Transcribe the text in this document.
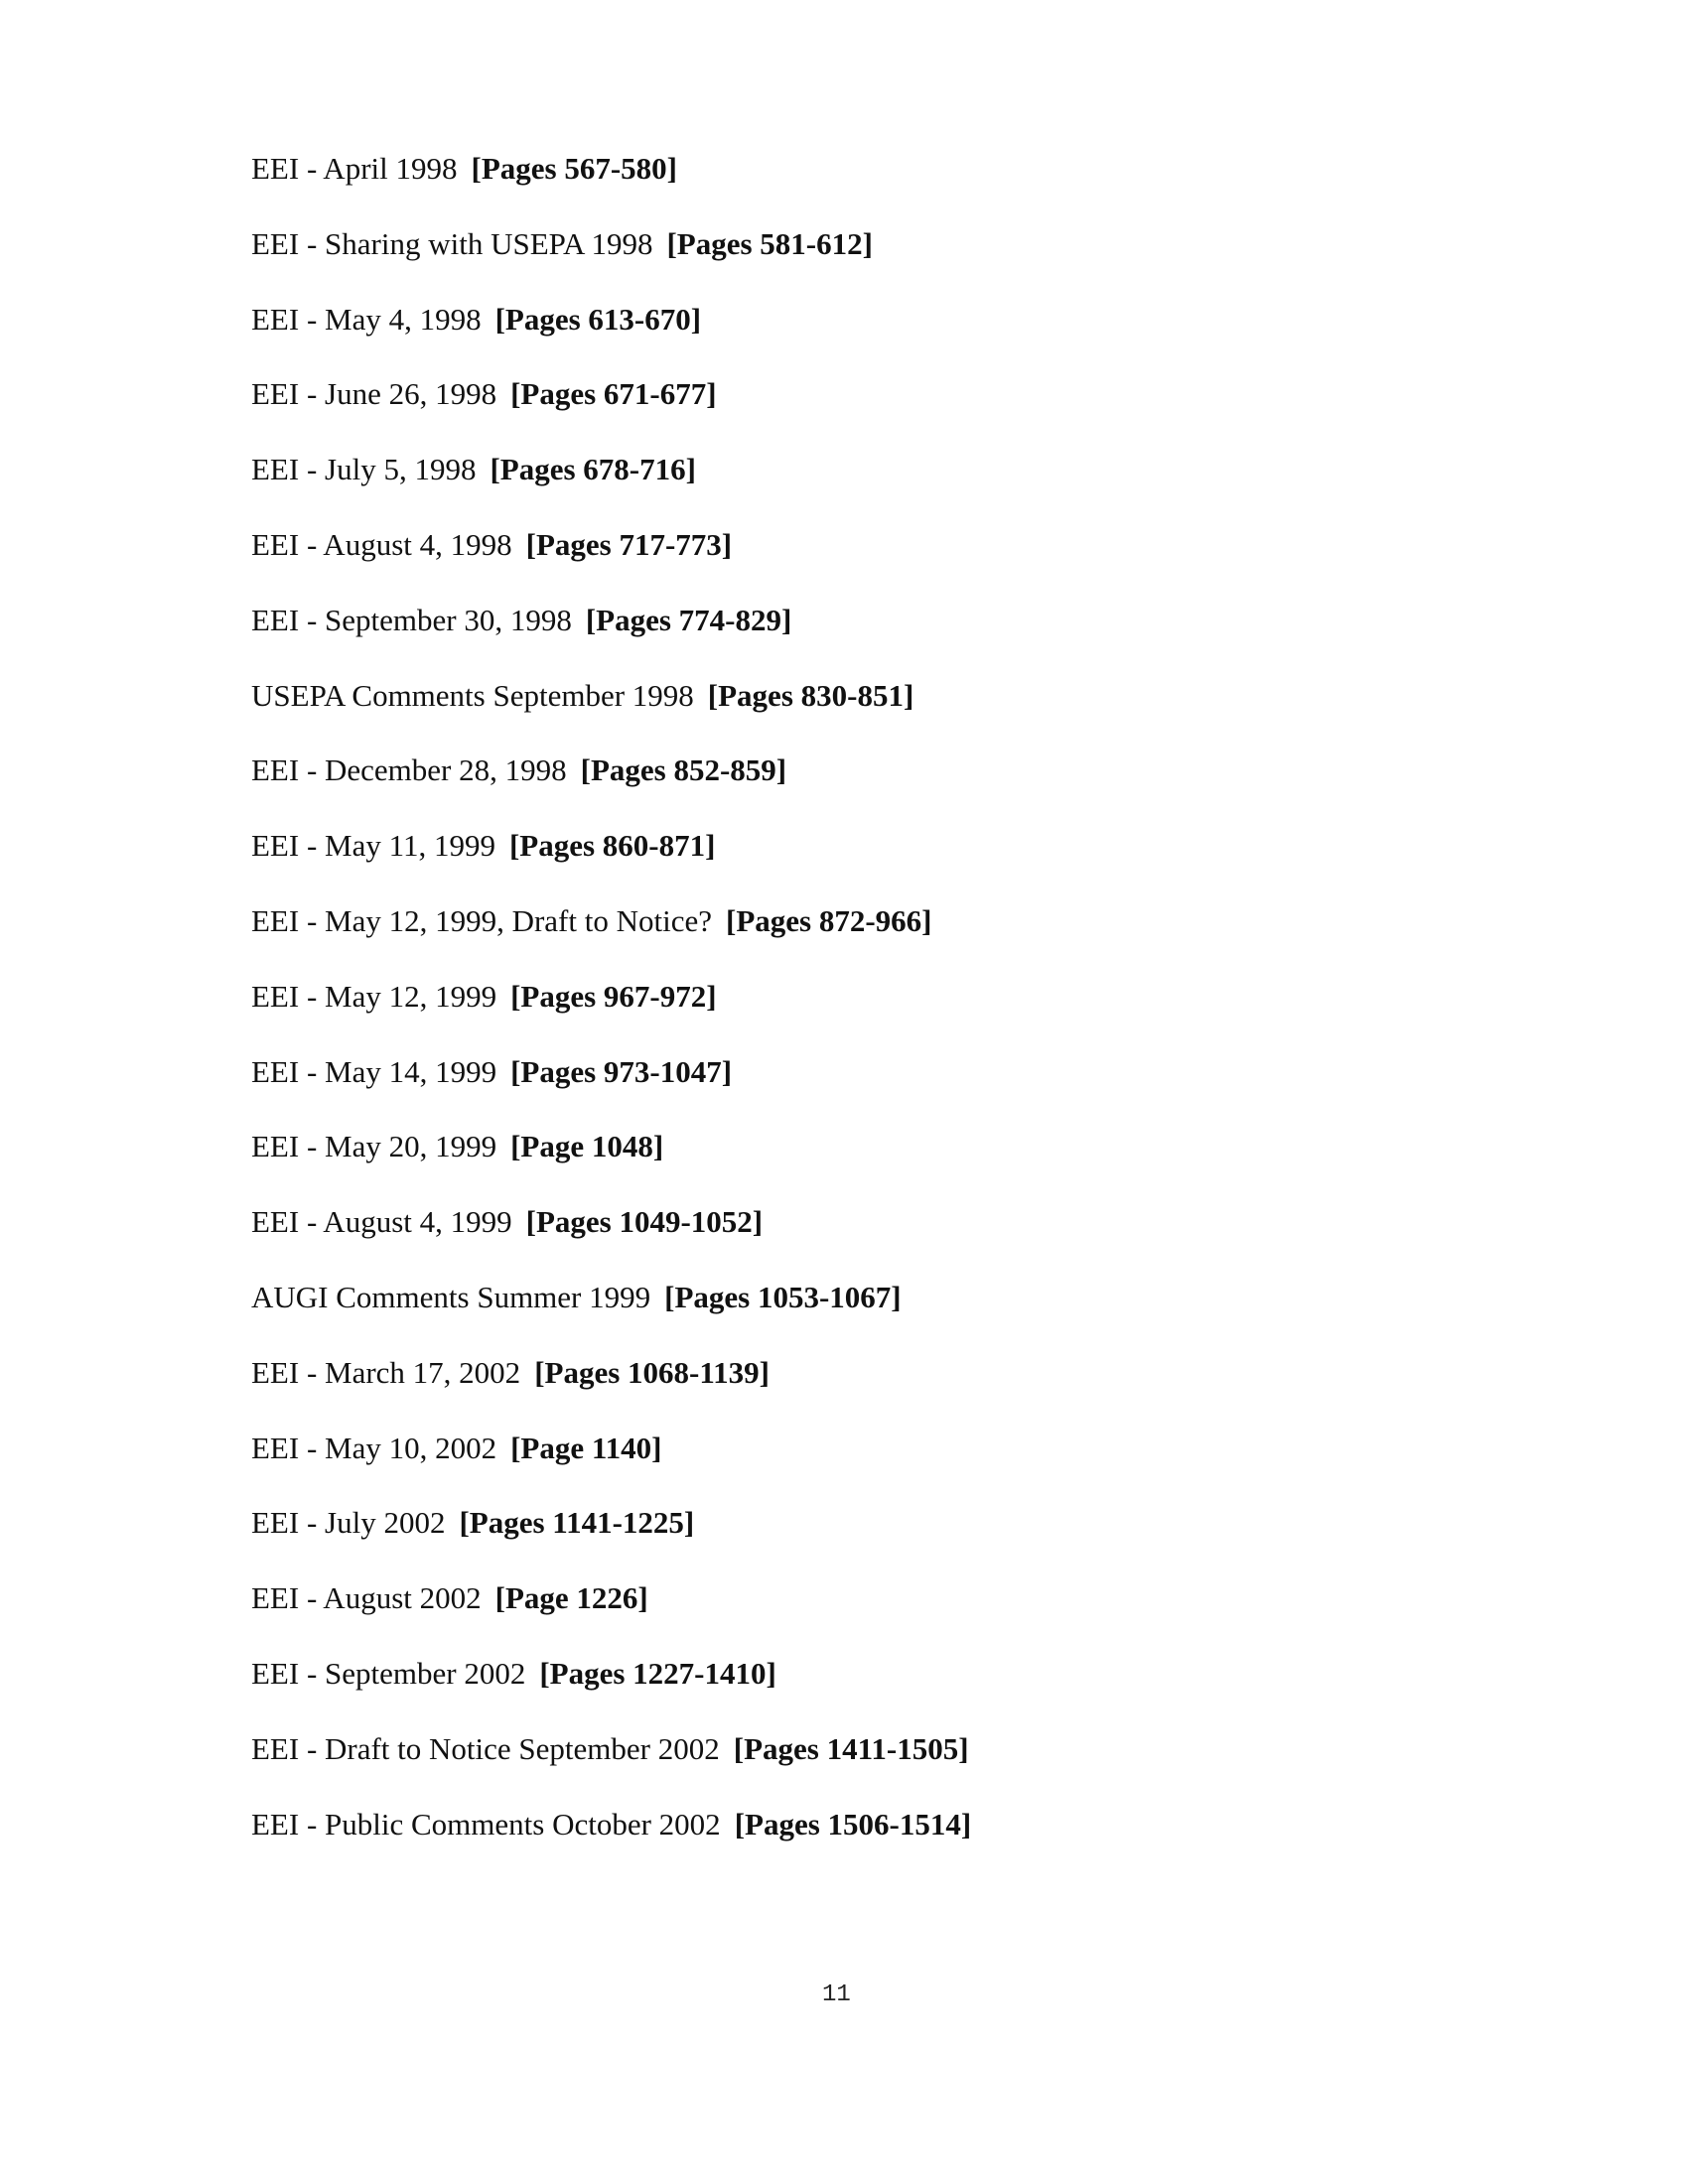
EEI - April 1998 [Pages 567-580]
EEI - Sharing with USEPA 1998 [Pages 581-612]
EEI - May 4, 1998 [Pages 613-670]
EEI - June 26, 1998 [Pages 671-677]
EEI - July 5, 1998 [Pages 678-716]
EEI - August 4, 1998 [Pages 717-773]
EEI - September 30, 1998 [Pages 774-829]
USEPA Comments September 1998 [Pages 830-851]
EEI - December 28, 1998 [Pages 852-859]
EEI - May 11, 1999 [Pages 860-871]
EEI - May 12, 1999, Draft to Notice? [Pages 872-966]
EEI - May 12, 1999 [Pages 967-972]
EEI - May 14, 1999 [Pages 973-1047]
EEI - May 20, 1999 [Page 1048]
EEI - August 4, 1999 [Pages 1049-1052]
AUGI Comments Summer 1999 [Pages 1053-1067]
EEI - March 17, 2002 [Pages 1068-1139]
EEI - May 10, 2002 [Page 1140]
EEI - July 2002 [Pages 1141-1225]
EEI - August 2002 [Page 1226]
EEI - September 2002 [Pages 1227-1410]
EEI - Draft to Notice September 2002 [Pages 1411-1505]
EEI - Public Comments October 2002 [Pages 1506-1514]
11
